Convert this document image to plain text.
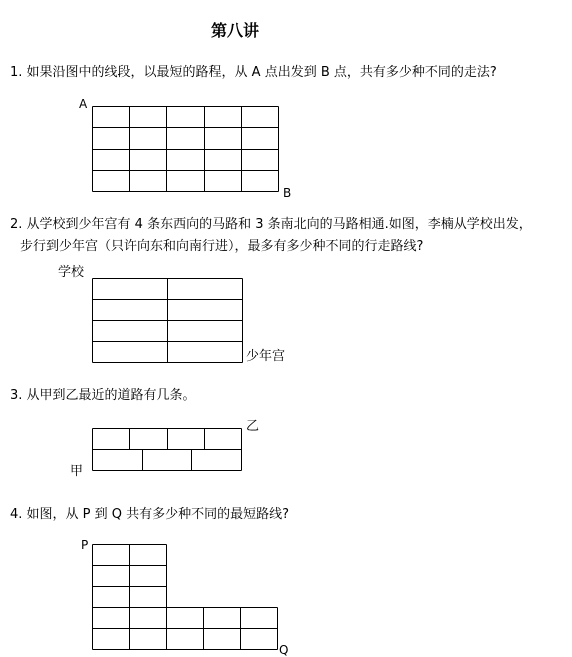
第八讲
1. 如果沿图中的线段，以最短的路程，从 A 点出发到 B 点，共有多少种不同的走法?
A
B
2. 从学校到少年宫有 4 条东西向的马路和 3 条南北向的马路相通.如图，李楠从学校出发，
步行到少年宫（只许向东和向南行进），最多有多少种不同的行走路线?
学校
少年宫
3. 从甲到乙最近的道路有几条。
乙
甲
4. 如图，从 P 到 Q 共有多少种不同的最短路线?
P
Q
